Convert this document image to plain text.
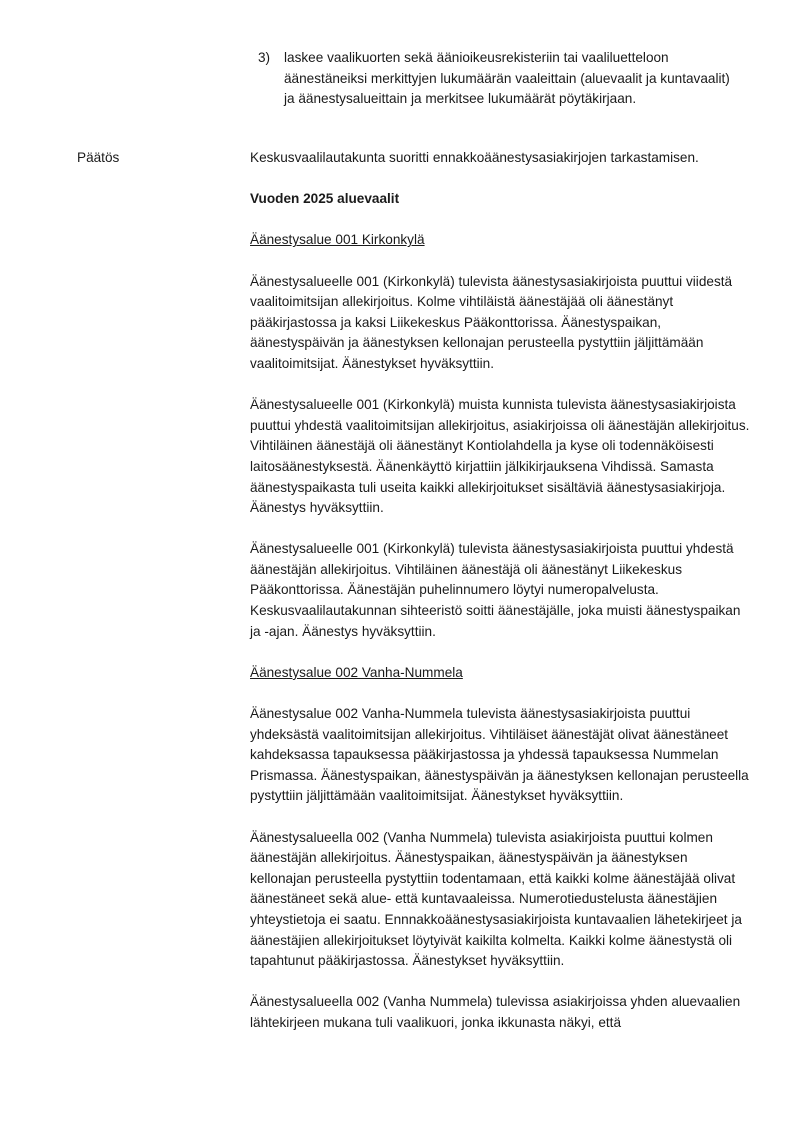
3) laskee vaalikuorten sekä äänioikeusrekisteriin tai vaaliluetteloon äänestäneiksi merkittyjen lukumäärän vaaleittain (aluevaalit ja kuntavaalit) ja äänestysalueittain ja merkitsee lukumäärät pöytäkirjaan.
Päätös	Keskusvaalilautakunta suoritti ennakkoäänestysasiakirjojen tarkastamisen.

Vuoden 2025 aluevaalit

Äänestysalue 001 Kirkonkylä

Äänestysalueelle 001 (Kirkonkylä) tulevista äänestysasiakirjoista puuttui viidestä vaalitoimitsijan allekirjoitus. Kolme vihtiläistä äänestäjää oli äänestänyt pääkirjastossa ja kaksi Liikekeskus Pääkonttorissa. Äänestyspaikan, äänestyspäivän ja äänestyksen kellonajan perusteella pystyttiin jäljittämään vaalitoimitsijat. Äänestykset hyväksyttiin.

Äänestysalueelle 001 (Kirkonkylä) muista kunnista tulevista äänestysasiakirjoista puuttui yhdestä vaalitoimitsijan allekirjoitus, asiakirjoissa oli äänestäjän allekirjoitus. Vihtiläinen äänestäjä oli äänestänyt Kontiolahdella ja kyse oli todennäköisesti laitosäänestyksestä. Äänenkäyttö kirjattiin jälkikirjauksena Vihdissä. Samasta äänestyspaikasta tuli useita kaikki allekirjoitukset sisältäviä äänestysasiakirjoja. Äänestys hyväksyttiin.

Äänestysalueelle 001 (Kirkonkylä) tulevista äänestysasiakirjoista puuttui yhdestä äänestäjän allekirjoitus. Vihtiläinen äänestäjä oli äänestänyt Liikekeskus Pääkonttorissa. Äänestäjän puhelinnumero löytyi numeropalvelusta. Keskusvaalilautakunnan sihteeristö soitti äänestäjälle, joka muisti äänestyspaikan ja -ajan. Äänestys hyväksyttiin.

Äänestysalue 002 Vanha-Nummela

Äänestysalue 002 Vanha-Nummela tulevista äänestysasiakirjoista puuttui yhdeksästä vaalitoimitsijan allekirjoitus. Vihtiläiset äänestäjät olivat äänestäneet kahdeksassa tapauksessa pääkirjastossa ja yhdessä tapauksessa Nummelan Prismassa. Äänestyspaikan, äänestyspäivän ja äänestyksen kellonajan perusteella pystyttiin jäljittämään vaalitoimitsijat. Äänestykset hyväksyttiin.

Äänestysalueella 002 (Vanha Nummela) tulevista asiakirjoista puuttui kolmen äänestäjän allekirjoitus. Äänestyspaikan, äänestyspäivän ja äänestyksen kellonajan perusteella pystyttiin todentamaan, että kaikki kolme äänestäjää olivat äänestäneet sekä alue- että kuntavaaleissa. Numerotiedustelusta äänestäjien yhteystietoja ei saatu. Ennnakkoäänestysasiakirjoista kuntavaalien lähetekirjeet ja äänestäjien allekirjoitukset löytyivät kaikilta kolmelta. Kaikki kolme äänestystä oli tapahtunut pääkirjastossa. Äänestykset hyväksyttiin.

Äänestysalueella 002 (Vanha Nummela) tulevissa asiakirjoissa yhden aluevaalien lähtekirjeen mukana tuli vaalikuori, jonka ikkunasta näkyi, että
